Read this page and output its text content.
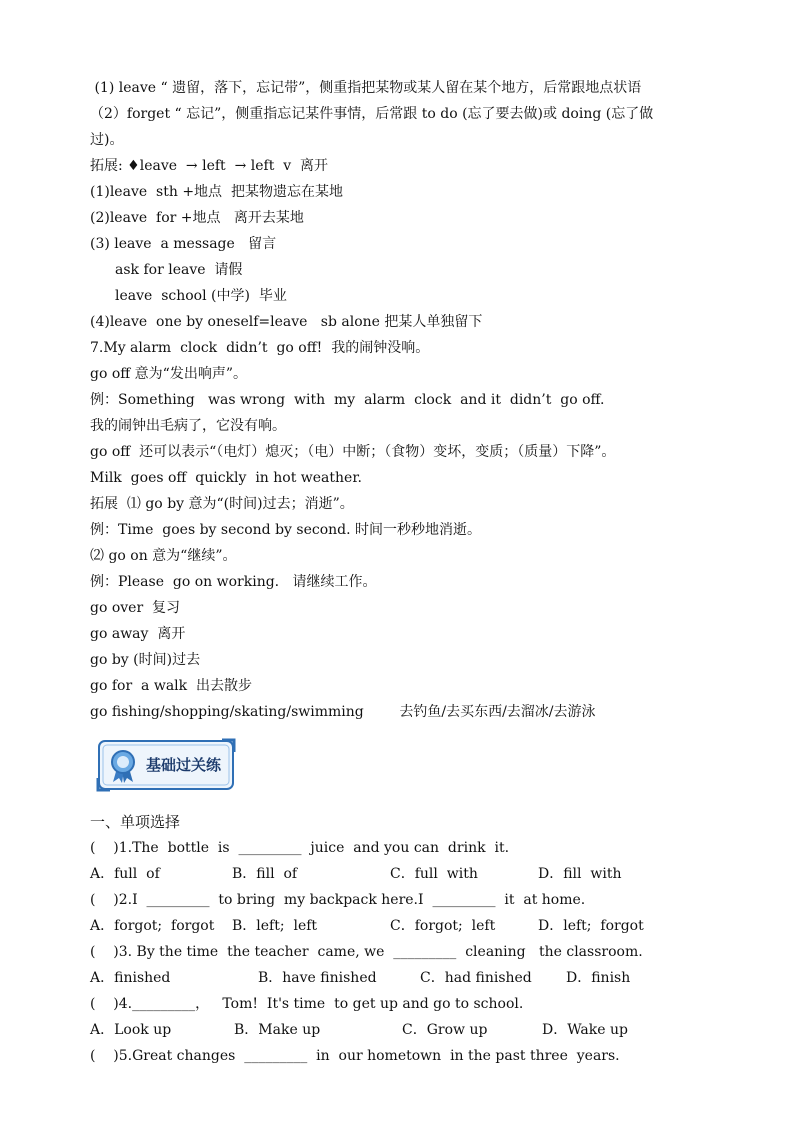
(1) leave “ 遗留，落下，忘记带”，侧重指把某物或某人留在某个地方，后常跟地点状语
（2）forget “ 忘记”，侧重指忘记某件事情，后常跟 to do (忘了要去做)或 doing (忘了做
过)。
拓展: ♦leave  → left  → left  v  离开
(1)leave  sth +地点  把某物遗忘在某地
(2)leave  for +地点   离开去某地
(3) leave  a message   留言
ask for leave  请假
leave  school (中学)  毕业
(4)leave  one by oneself=leave   sb alone 把某人单独留下
7.My alarm  clock  didn’t  go off!  我的闹钟没响。
go off 意为“发出响声”。
例：Something   was wrong  with  my  alarm  clock  and it  didn’t  go off.
我的闹钟出毛病了，它没有响。
go off  还可以表示“（电灯）熄灭；（电）中断；（食物）变坏，变质；（质量）下降”。
Milk  goes off  quickly  in hot weather.
拓展  ⑴ go by 意为“(时间)过去；消逝”。
例：Time  goes by second by second. 时间一秒秒地消逝。
⑵ go on 意为“继续”。
例：Please  go on working.   请继续工作。
go over  复习
go away  离开
go by (时间)过去
go for  a walk  出去散步
go fishing/shopping/skating/swimming        去钓鱼/去买东西/去溜冰/去游泳
基础过关练
一、单项选择
(    )1.The  bottle  is  _________  juice  and you can  drink  it.
A．full  of	B．fill  of	C．full  with	D．fill  with
(    )2.I  _________  to bring  my backpack here.I  _________  it  at home.
A．forgot;  forgot B．left;  left	C．forgot;  left	D．left;  forgot
(    )3. By the time  the teacher  came, we  _________  cleaning   the classroom.
A．finished	B．have finished	C．had finished D．finish
(    )4._________，   Tom!  It's time  to get up and go to school.
A．Look up	B．Make up	C．Grow up	D．Wake up
(    )5.Great changes  _________  in  our hometown  in the past three  years.
